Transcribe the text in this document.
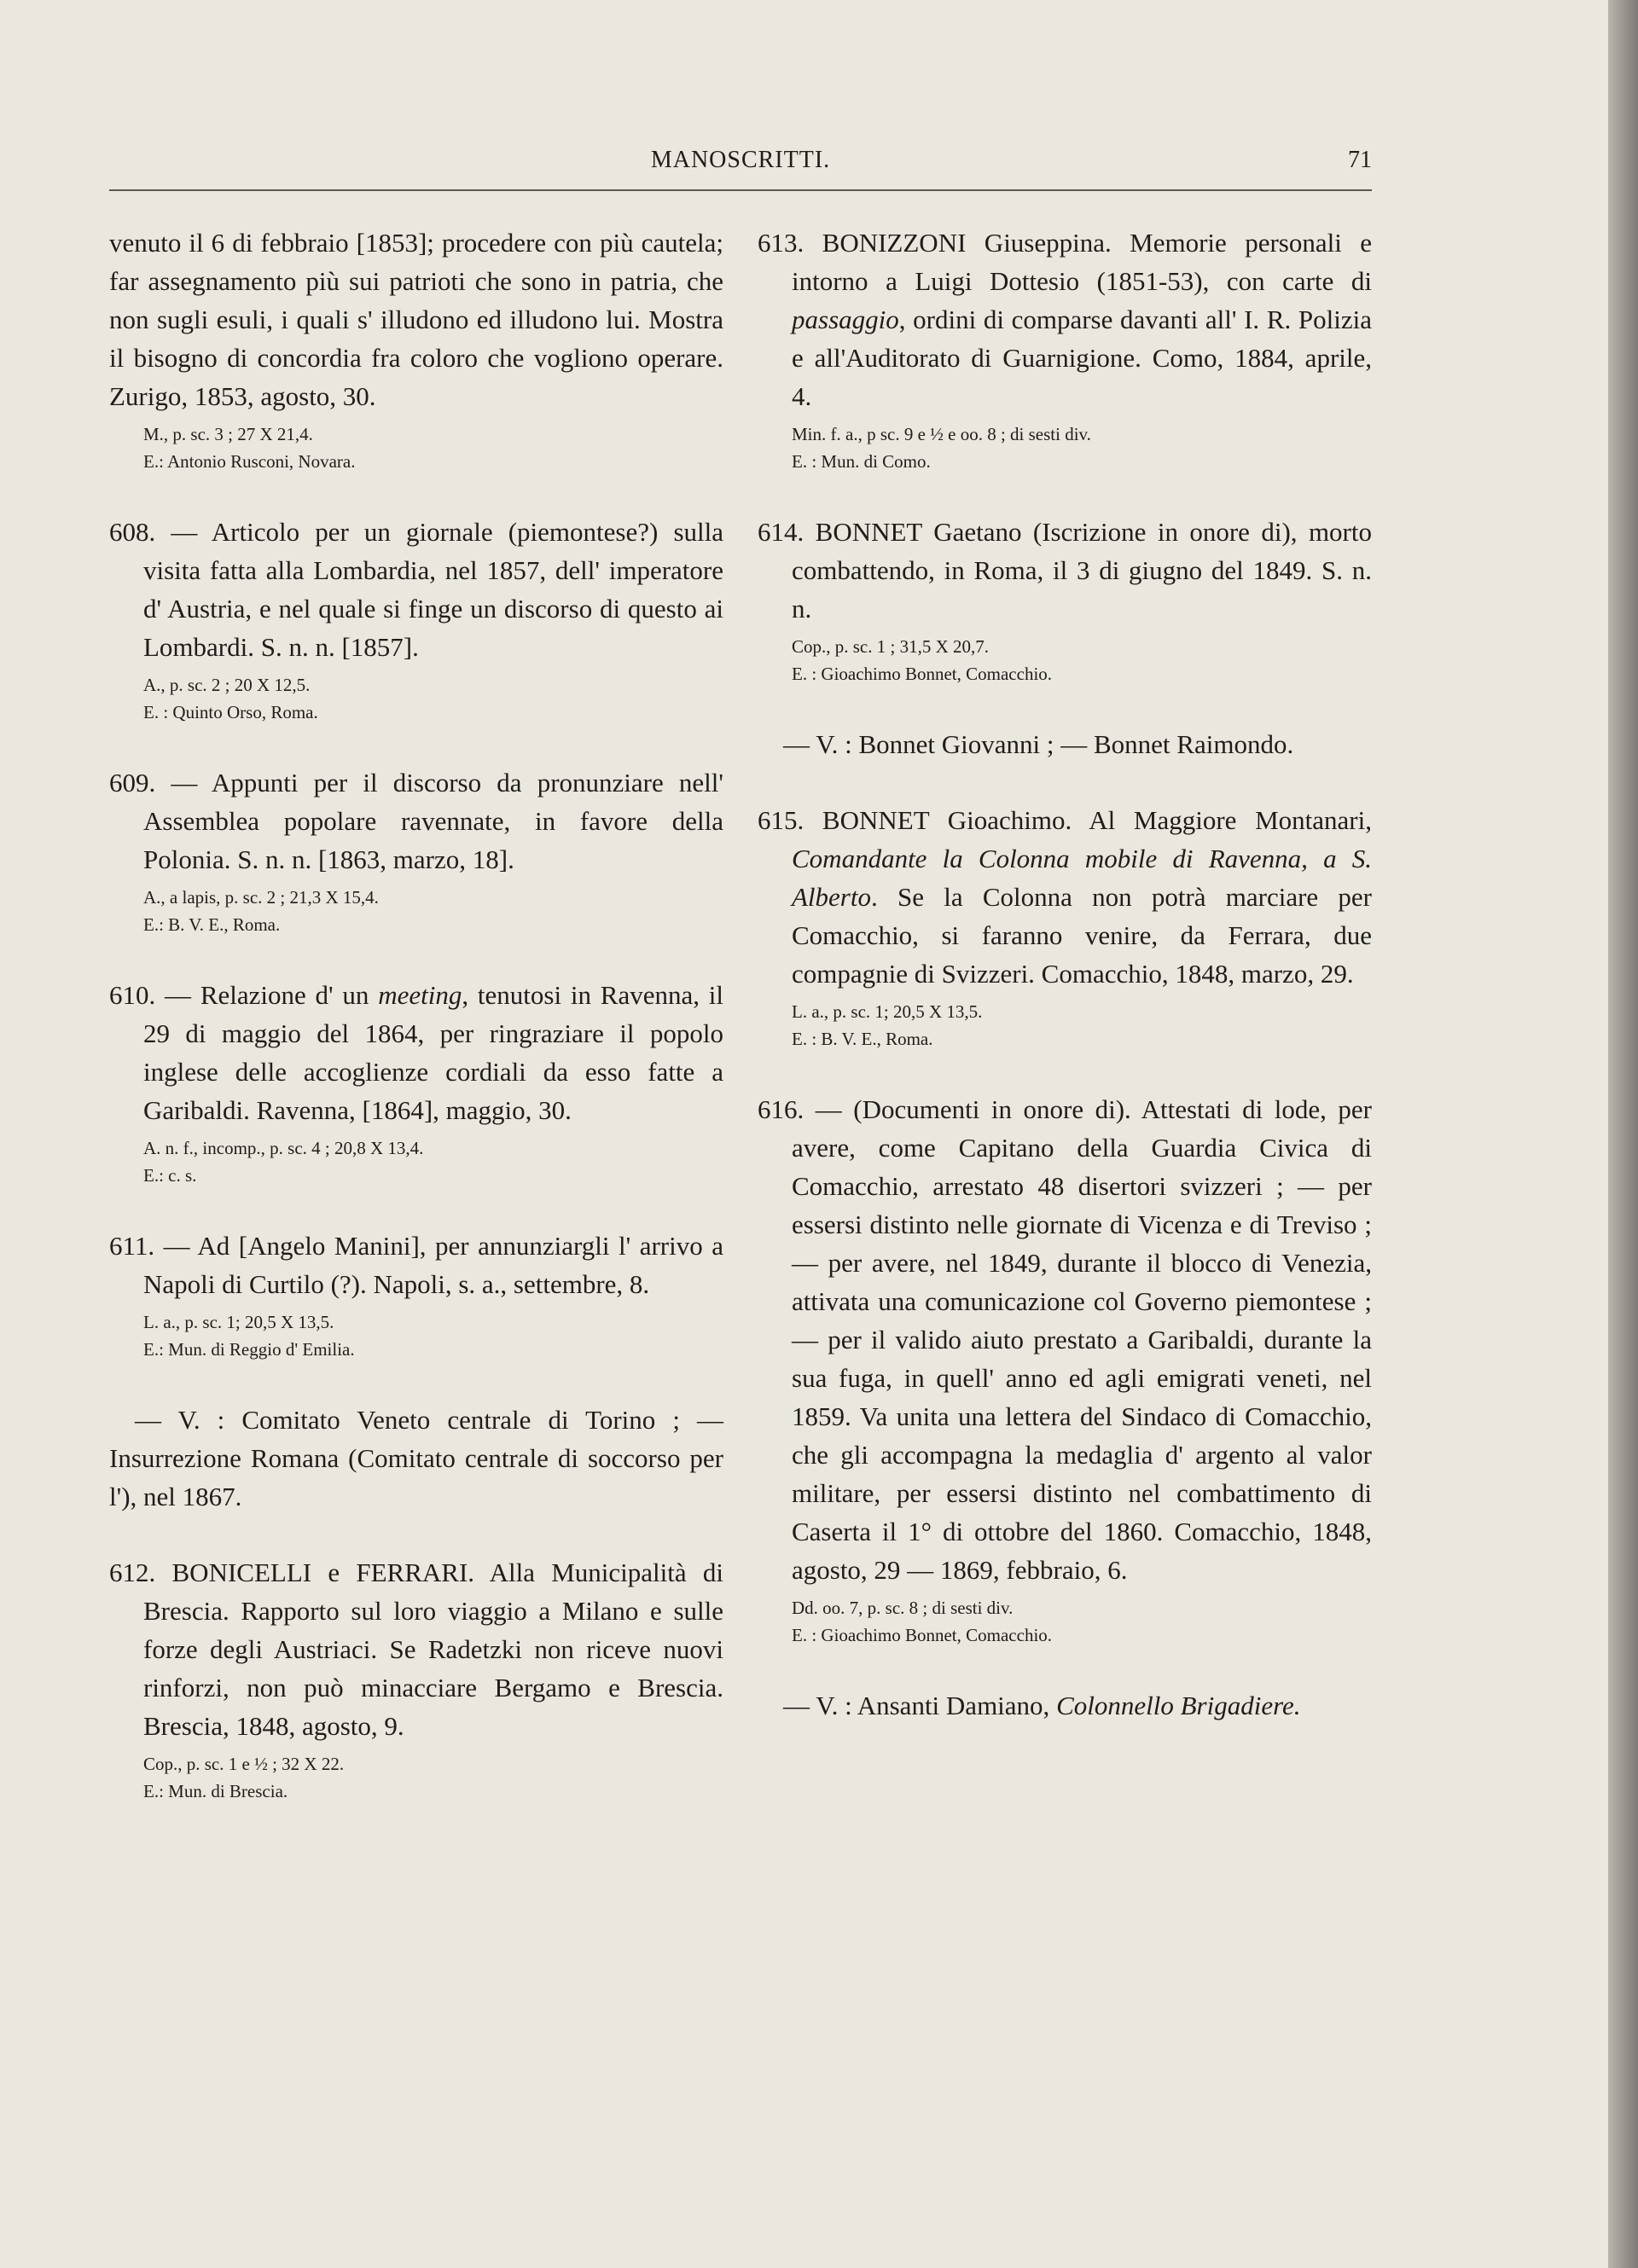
MANOSCRITTI.	71

venuto il 6 di febbraio [1853]; procedere con più cautela; far assegnamento più sui patrioti che sono in patria, che non sugli esuli, i quali s' illudono ed illudono lui. Mostra il bisogno di concordia fra coloro che vogliono operare. Zurigo, 1853, agosto, 30.

M., p. sc. 3 ; 27 X 21,4.
E.: Antonio Rusconi, Novara.

608. — Articolo per un giornale (piemontese?) sulla visita fatta alla Lombardia, nel 1857, dell' imperatore d' Austria, e nel quale si finge un discorso di questo ai Lombardi. S. n. n. [1857].

A., p. sc. 2 ; 20 X 12,5.
E. : Quinto Orso, Roma.

609. — Appunti per il discorso da pronunziare nell' Assemblea popolare ravennate, in favore della Polonia. S. n. n. [1863, marzo, 18].

A., a lapis, p. sc. 2 ; 21,3 X 15,4.
E.: B. V. E., Roma.

610. — Relazione d' un meeting, tenutosi in Ravenna, il 29 di maggio del 1864, per ringraziare il popolo inglese delle accoglienze cordiali da esso fatte a Garibaldi. Ravenna, [1864], maggio, 30.

A. n. f., incomp., p. sc. 4 ; 20,8 X 13,4.
E.: c. s.

611. — Ad [Angelo Manini], per annunziargli l' arrivo a Napoli di Curtilo (?). Napoli, s. a., settembre, 8.

L. a., p. sc. 1; 20,5 X 13,5.
E.: Mun. di Reggio d' Emilia.

— V. : Comitato Veneto centrale di Torino ; — Insurrezione Romana (Comitato centrale di soccorso per l'), nel 1867.

612. BONICELLI e FERRARI. Alla Municipalità di Brescia. Rapporto sul loro viaggio a Milano e sulle forze degli Austriaci. Se Radetzki non riceve nuovi rinforzi, non può minacciare Bergamo e Brescia. Brescia, 1848, agosto, 9.

Cop., p. sc. 1 e ½ ; 32 X 22.
E.: Mun. di Brescia.

613. BONIZZONI Giuseppina. Memorie personali e intorno a Luigi Dottesio (1851-53), con carte di passaggio, ordini di comparse davanti all' I. R. Polizia e all'Auditorato di Guarnigione. Como, 1884, aprile, 4.

Min. f. a., p sc. 9 e ½ e oo. 8 ; di sesti div.
E. : Mun. di Como.

614. BONNET Gaetano (Iscrizione in onore di), morto combattendo, in Roma, il 3 di giugno del 1849. S. n. n.

Cop., p. sc. 1 ; 31,5 X 20,7.
E. : Gioachimo Bonnet, Comacchio.

— V. : Bonnet Giovanni ; — Bonnet Raimondo.

615. BONNET Gioachimo. Al Maggiore Montanari, Comandante la Colonna mobile di Ravenna, a S. Alberto. Se la Colonna non potrà marciare per Comacchio, si faranno venire, da Ferrara, due compagnie di Svizzeri. Comacchio, 1848, marzo, 29.

L. a., p. sc. 1; 20,5 X 13,5.
E. : B. V. E., Roma.

616. — (Documenti in onore di). Attestati di lode, per avere, come Capitano della Guardia Civica di Comacchio, arrestato 48 disertori svizzeri ; — per essersi distinto nelle giornate di Vicenza e di Treviso ; — per avere, nel 1849, durante il blocco di Venezia, attivata una comunicazione col Governo piemontese ; — per il valido aiuto prestato a Garibaldi, durante la sua fuga, in quell' anno ed agli emigrati veneti, nel 1859. Va unita una lettera del Sindaco di Comacchio, che gli accompagna la medaglia d' argento al valor militare, per essersi distinto nel combattimento di Caserta il 1° di ottobre del 1860. Comacchio, 1848, agosto, 29 — 1869, febbraio, 6.

Dd. oo. 7, p. sc. 8 ; di sesti div.
E. : Gioachimo Bonnet, Comacchio.

— V. : Ansanti Damiano, Colonnello Brigadiere.
